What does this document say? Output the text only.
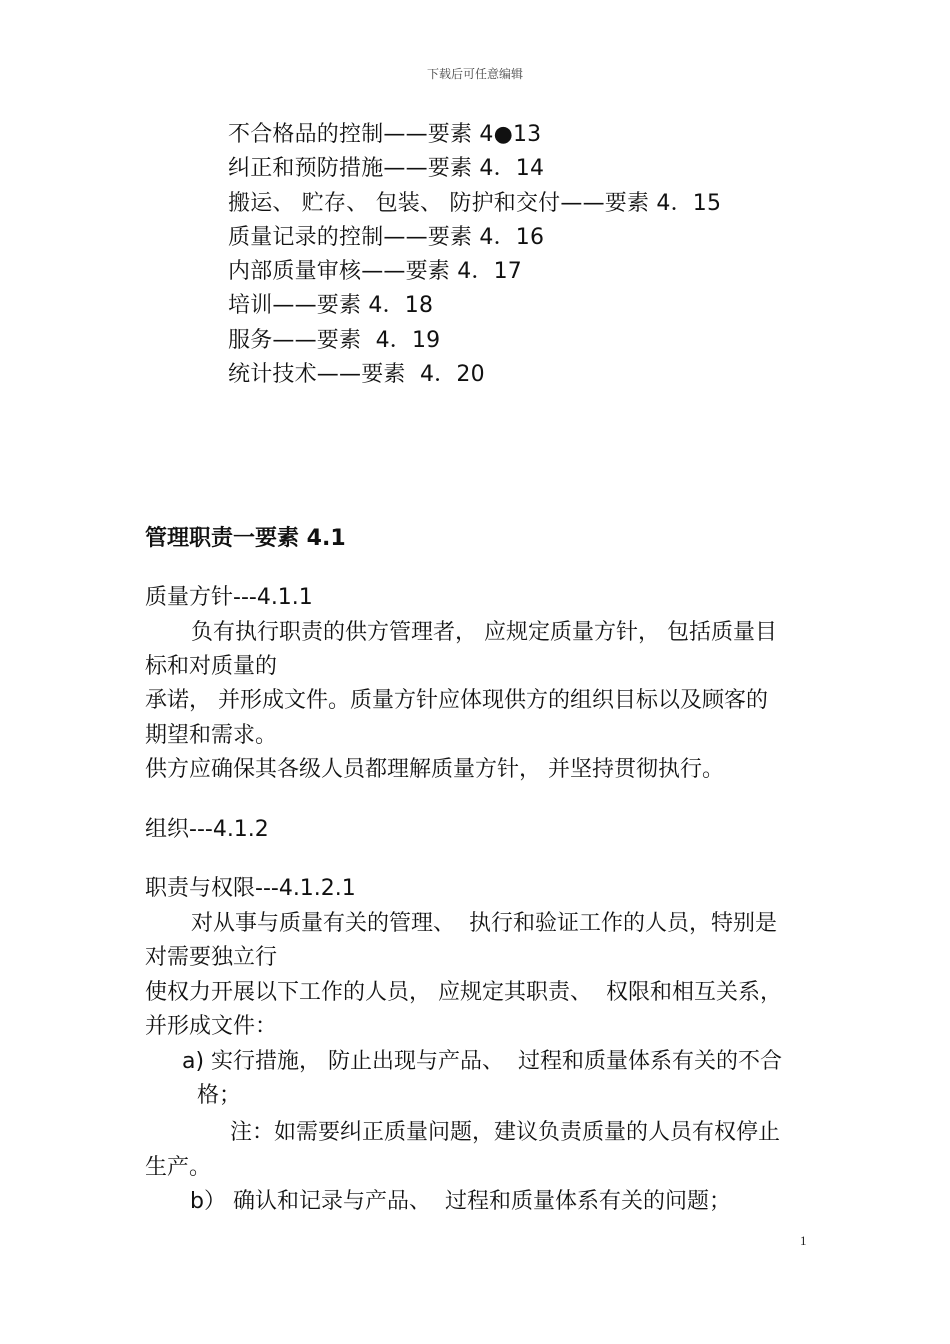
下载后可任意编辑
不合格品的控制——要素 4●13
纠正和预防措施——要素 4．14
搬运、 贮存、 包装、 防护和交付——要素 4．15
质量记录的控制——要素 4．16
内部质量审核——要素 4．17
培训——要素 4．18
服务——要素  4．19
统计技术——要素  4．20
管理职责一要素 4.1
质量方针---4.1.1
负有执行职责的供方管理者， 应规定质量方针， 包括质量目
标和对质量的
承诺， 并形成文件。质量方针应体现供方的组织目标以及顾客的
期望和需求。
供方应确保其各级人员都理解质量方针， 并坚持贯彻执行。
组织---4.1.2
职责与权限---4.1.2.1
对从事与质量有关的管理、  执行和验证工作的人员，特别是
对需要独立行
使权力开展以下工作的人员， 应规定其职责、  权限和相互关系，
并形成文件：
a) 实行措施， 防止出现与产品、  过程和质量体系有关的不合
格；
注：如需要纠正质量问题，建议负责质量的人员有权停止
生产。
b） 确认和记录与产品、  过程和质量体系有关的问题；
1
